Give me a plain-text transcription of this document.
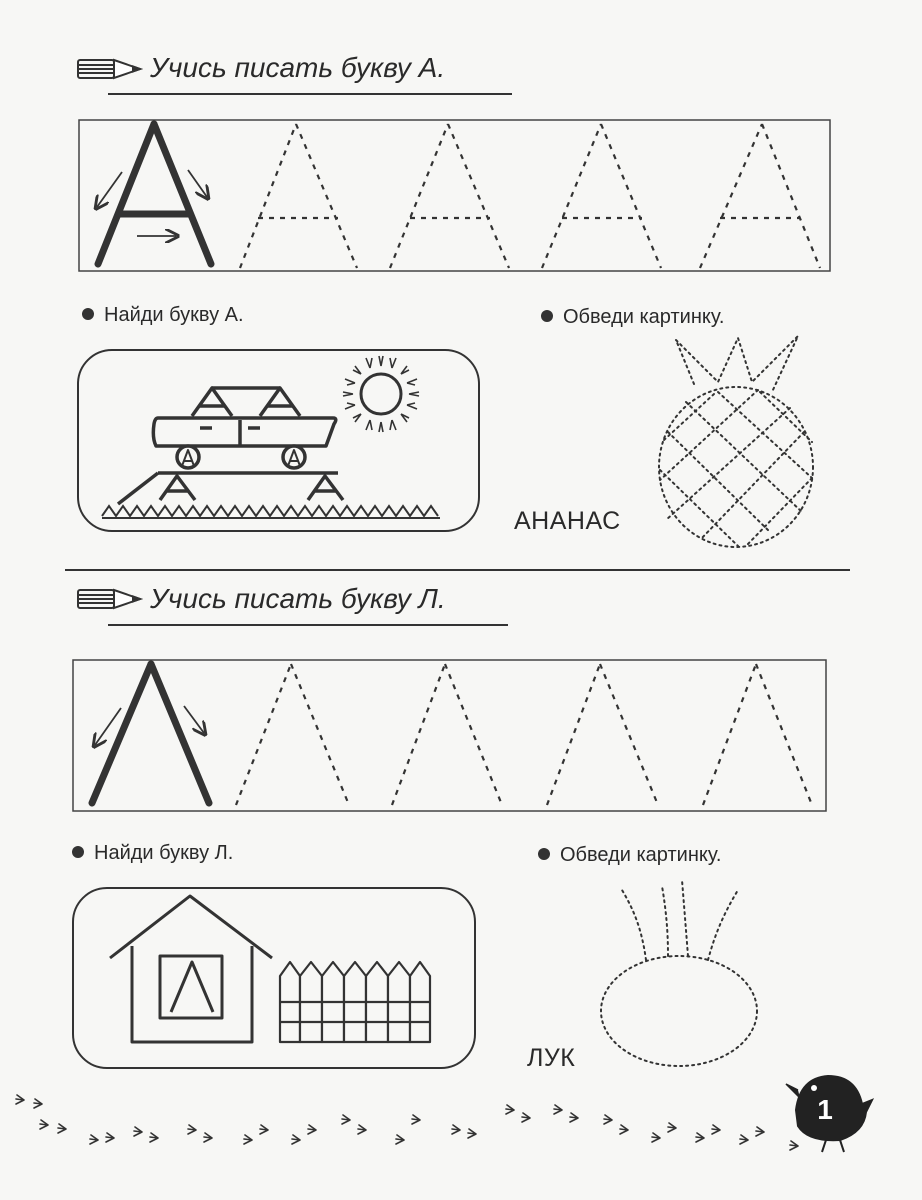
Учись писать букву А.
Найди букву А.	Обведи картинку.
АНАНАС
Учись писать букву Л.
Найди букву Л.	Обведи картинку.
ЛУК
1
